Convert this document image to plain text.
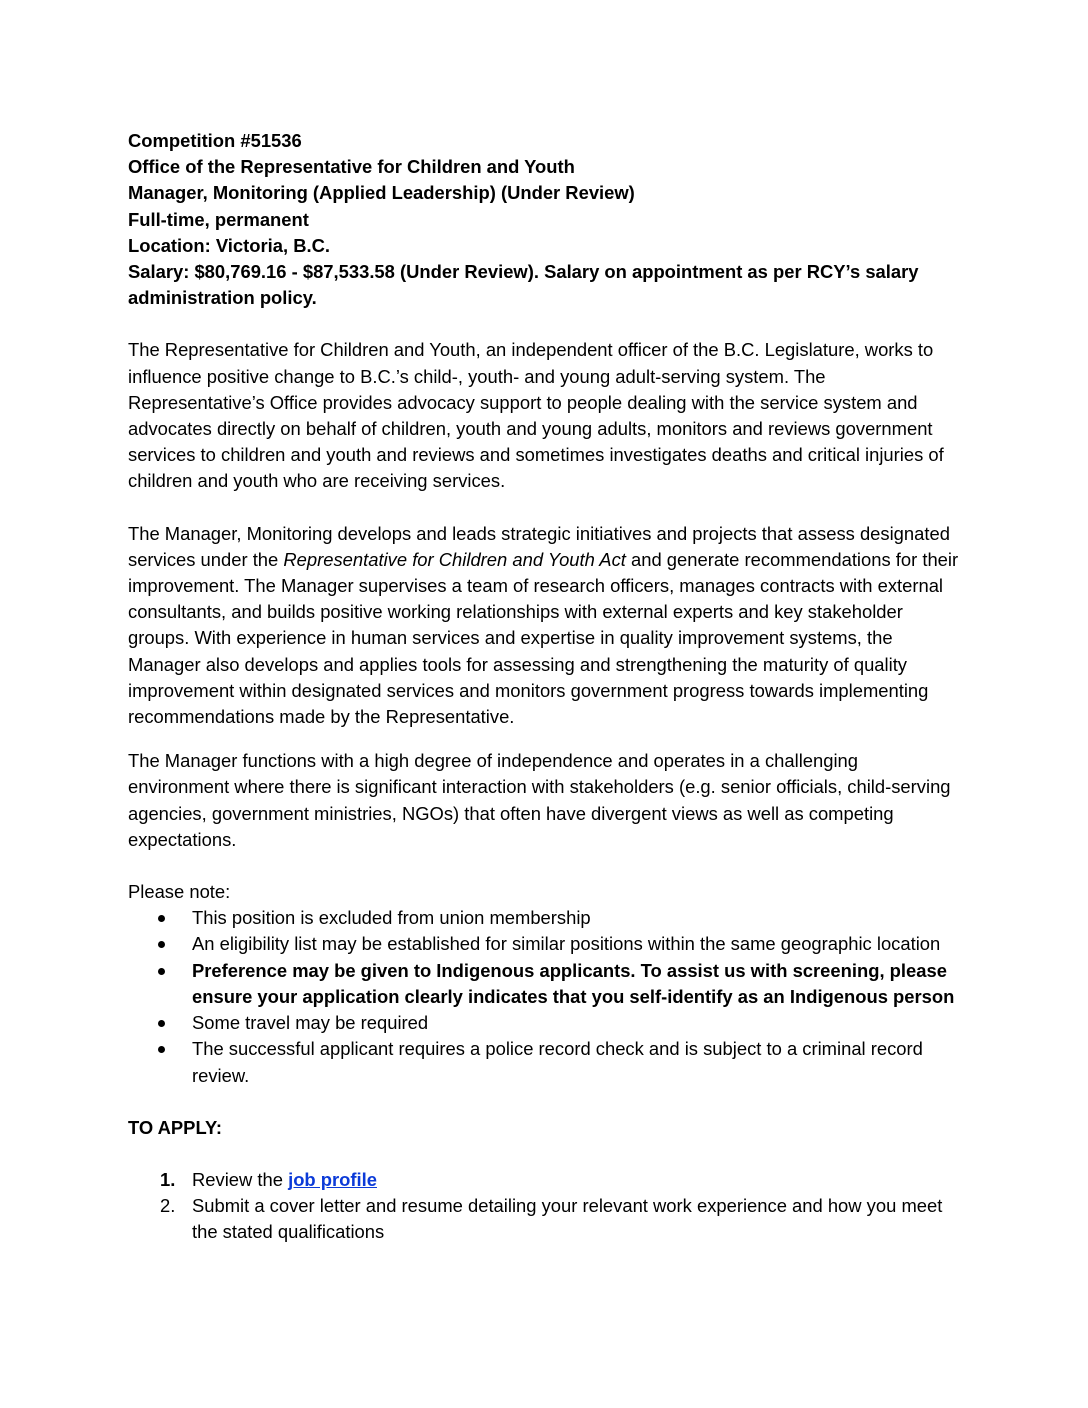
Competition #51536
Office of the Representative for Children and Youth
Manager, Monitoring (Applied Leadership) (Under Review)
Full-time, permanent
Location: Victoria, B.C.
Salary: $80,769.16 - $87,533.58 (Under Review). Salary on appointment as per RCY’s salary administration policy.

The Representative for Children and Youth, an independent officer of the B.C. Legislature, works to influence positive change to B.C.’s child-, youth- and young adult-serving system. The Representative’s Office provides advocacy support to people dealing with the service system and advocates directly on behalf of children, youth and young adults, monitors and reviews government services to children and youth and reviews and sometimes investigates deaths and critical injuries of children and youth who are receiving services.

The Manager, Monitoring develops and leads strategic initiatives and projects that assess designated services under the Representative for Children and Youth Act and generate recommendations for their improvement. The Manager supervises a team of research officers, manages contracts with external consultants, and builds positive working relationships with external experts and key stakeholder groups. With experience in human services and expertise in quality improvement systems, the Manager also develops and applies tools for assessing and strengthening the maturity of quality improvement within designated services and monitors government progress towards implementing recommendations made by the Representative.

The Manager functions with a high degree of independence and operates in a challenging environment where there is significant interaction with stakeholders (e.g. senior officials, child-serving agencies, government ministries, NGOs) that often have divergent views as well as competing expectations.

Please note:

This position is excluded from union membership
An eligibility list may be established for similar positions within the same geographic location
Preference may be given to Indigenous applicants. To assist us with screening, please ensure your application clearly indicates that you self-identify as an Indigenous person
Some travel may be required
The successful applicant requires a police record check and is subject to a criminal record review.

TO APPLY:

1. Review the job profile
2. Submit a cover letter and resume detailing your relevant work experience and how you meet the stated qualifications
